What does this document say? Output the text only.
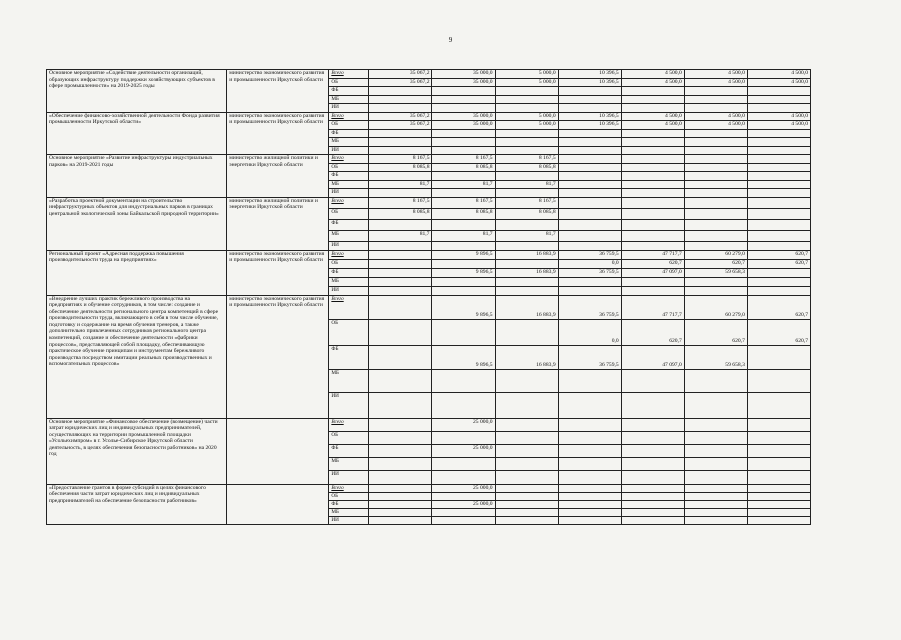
9
Основное мероприятие «Содействие деятельности организаций, образующих инфраструктуру поддержки хозяйствующих субъектов в сфере промышленности» на 2019-2025 годы	министерство экономического развития и промышленности Иркутской области	Всего	35 067,2	35 000,0	5 000,0	10 396,5	4 500,0	4 500,0	4 500,0
		ОБ	35 067,2	35 000,0	5 000,0	10 396,5	4 500,0	4 500,0	4 500,0
		ФБ							
		МБ							
		ИИ							
«Обеспечение финансово-хозяйственной деятельности Фонда развития промышленности Иркутской области»	министерство экономического развития и промышленности Иркутской области	Всего	35 067,2	35 000,0	5 000,0	10 396,5	4 500,0	4 500,0	4 500,0
		ОБ	35 067,2	35 000,0	5 000,0	10 396,5	4 500,0	4 500,0	4 500,0
		ФБ							
		МБ							
		ИИ							
Основное мероприятие «Развитие инфраструктуры индустриальных парков» на 2019-2021 годы	министерство жилищной политики и энергетики Иркутской области	Всего	8 167,5	8 167,5	8 167,5				
		ОБ	8 085,8	8 085,8	8 085,8				
		ФБ							
		МБ	81,7	81,7	81,7				
		ИИ							
«Разработка проектной документации на строительство инфраструктурных объектов для индустриальных парков в границах центральной экологической зоны Байкальской природной территории»	министерство жилищной политики и энергетики Иркутской области	Всего	8 167,5	8 167,5	8 167,5				
		ОБ	8 085,8	8 085,8	8 085,8				
		ФБ							
		МБ	81,7	81,7	81,7				
		ИИ							
Региональный проект «Адресная поддержка повышения производительности труда на предприятиях»	министерство экономического развития и промышленности Иркутской области	Всего		9 896,5	16 883,9	36 759,5	47 717,7	60 279,0	620,7
		ОБ				0,0	620,7	620,7	620,7
		ФБ		9 896,5	16 883,9	36 759,5	47 097,0	59 658,3	
		МБ							
		ИИ							
«Внедрение лучших практик бережливого производства на предприятиях и обучение сотрудников, в том числе: создание и обеспечение деятельности регионального центра компетенций в сфере производительности труда, включающего в себя в том числе обучение, подготовку и содержание на время обучения тренеров, а также дополнительно привлеченных сотрудников регионального центра компетенций, создание и обеспечение деятельности «фабрики процессов», представляющей собой площадку, обеспечивающую практическое обучение принципам и инструментам бережливого производства посредством имитации реальных производственных и вспомогательных процессов»	министерство экономического развития и промышленности Иркутской области	Всего		9 896,5	16 883,9	36 759,5	47 717,7	60 279,0	620,7
		ОБ				0,0	620,7	620,7	620,7
		ФБ		9 896,5	16 883,9	36 759,5	47 097,0	59 658,3	
		МБ							
		ИИ							
Основное мероприятие «Финансовое обеспечение (возмещение) части затрат юридических лиц и индивидуальных предпринимателей, осуществляющих на территории промышленной площадки «Усольехимпром» в г. Усолье-Сибирское Иркутской области деятельность, в целях обеспечения безопасности работников» на 2020 год		Всего		25 000,0					
		ОБ							
		ФБ		25 000,0					
		МБ							
		ИИ							
«Предоставление грантов в форме субсидий в целях финансового обеспечения части затрат юридических лиц и индивидуальных предпринимателей на обеспечение безопасности работников»		Всего		25 000,0					
		ОБ							
		ФБ		25 000,0					
		МБ							
		ИИ							
